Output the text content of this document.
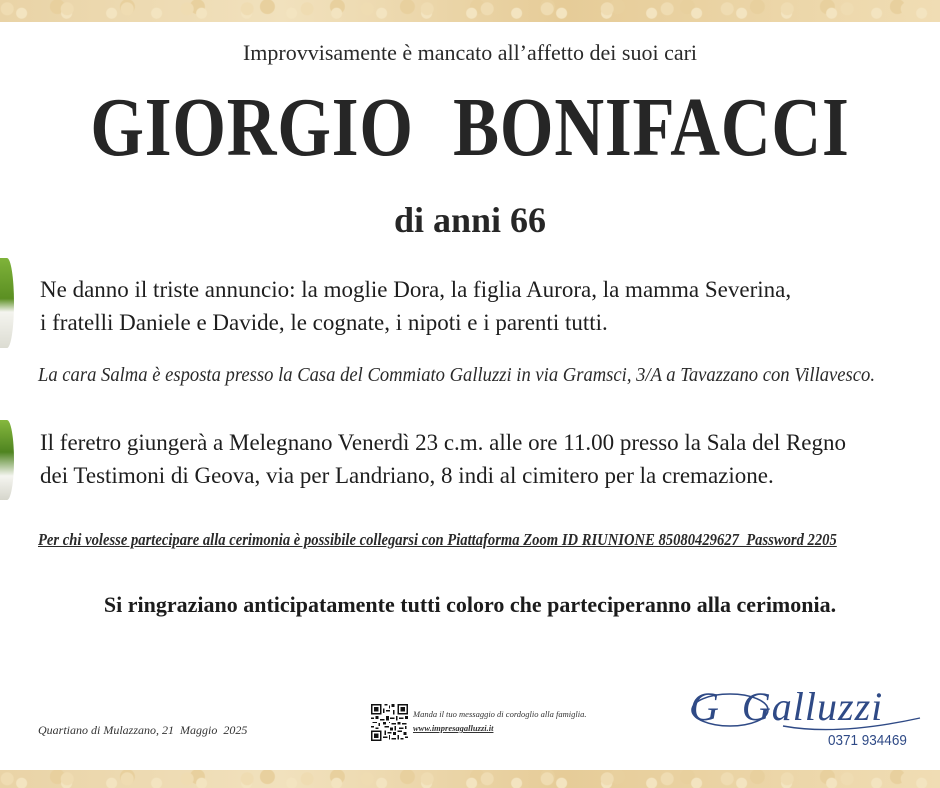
Improvvisamente è mancato all’affetto dei suoi cari
GIORGIO BONIFACCI
di anni 66
Ne danno il triste annuncio: la moglie Dora, la figlia Aurora, la mamma Severina,
i fratelli Daniele e Davide, le cognate, i nipoti e i parenti tutti.
La cara Salma è esposta presso la Casa del Commiato Galluzzi in via Gramsci, 3/A a Tavazzano con Villavesco.
Il feretro giungerà a Melegnano Venerdì 23 c.m. alle ore 11.00 presso la Sala del Regno
dei Testimoni di Geova, via per Landriano, 8 indi al cimitero per la cremazione.
Per chi volesse partecipare alla cerimonia è possibile collegarsi con Piattaforma Zoom ID RIUNIONE 85080429627  Password 2205
Si ringraziano anticipatamente tutti coloro che parteciperanno alla cerimonia.
Quartiano di Mulazzano, 21  Maggio  2025
Manda il tuo messaggio di cordoglio alla famiglia.
www.impresagalluzzi.it	G  Galluzzi
0371 934469
